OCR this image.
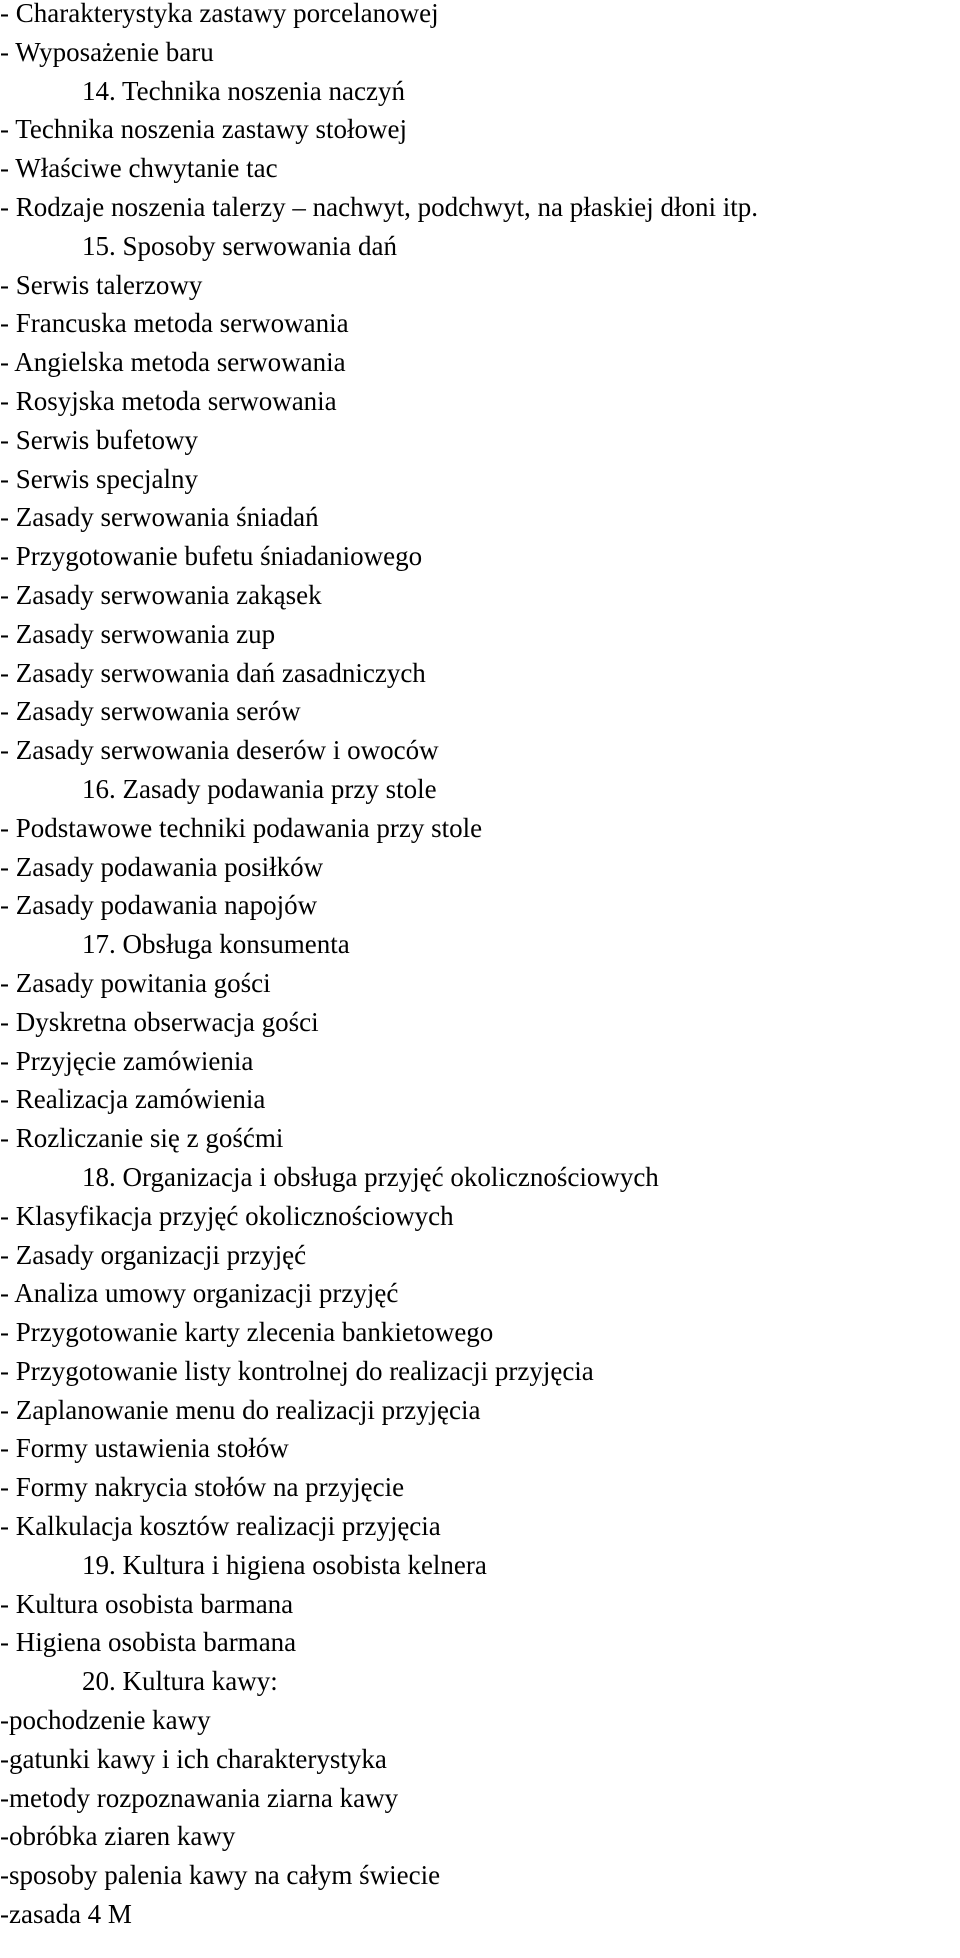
- Charakterystyka zastawy porcelanowej
- Wyposażenie baru
14. Technika noszenia naczyń
- Technika noszenia zastawy stołowej
- Właściwe chwytanie tac
- Rodzaje noszenia talerzy – nachwyt, podchwyt, na płaskiej dłoni itp.
15. Sposoby serwowania dań
- Serwis talerzowy
- Francuska metoda serwowania
- Angielska metoda serwowania
- Rosyjska metoda serwowania
- Serwis bufetowy
- Serwis specjalny
- Zasady serwowania śniadań
- Przygotowanie bufetu śniadaniowego
- Zasady serwowania zakąsek
- Zasady serwowania zup
- Zasady serwowania dań zasadniczych
- Zasady serwowania serów
- Zasady serwowania deserów i owoców
16. Zasady podawania przy stole
- Podstawowe techniki podawania przy stole
- Zasady podawania posiłków
- Zasady podawania napojów
17. Obsługa konsumenta
- Zasady powitania gości
- Dyskretna obserwacja gości
- Przyjęcie zamówienia
- Realizacja zamówienia
- Rozliczanie się z gośćmi
18. Organizacja i obsługa przyjęć okolicznościowych
- Klasyfikacja przyjęć okolicznościowych
- Zasady organizacji przyjęć
- Analiza umowy organizacji przyjęć
- Przygotowanie karty zlecenia bankietowego
- Przygotowanie listy kontrolnej do realizacji przyjęcia
- Zaplanowanie menu do realizacji przyjęcia
- Formy ustawienia stołów
- Formy nakrycia stołów na przyjęcie
- Kalkulacja kosztów realizacji przyjęcia
19. Kultura i higiena osobista kelnera
- Kultura osobista barmana
- Higiena osobista barmana
20. Kultura kawy:
-pochodzenie kawy
-gatunki kawy i ich charakterystyka
-metody rozpoznawania ziarna kawy
-obróbka ziaren kawy
-sposoby palenia kawy na całym świecie
-zasada 4 M
